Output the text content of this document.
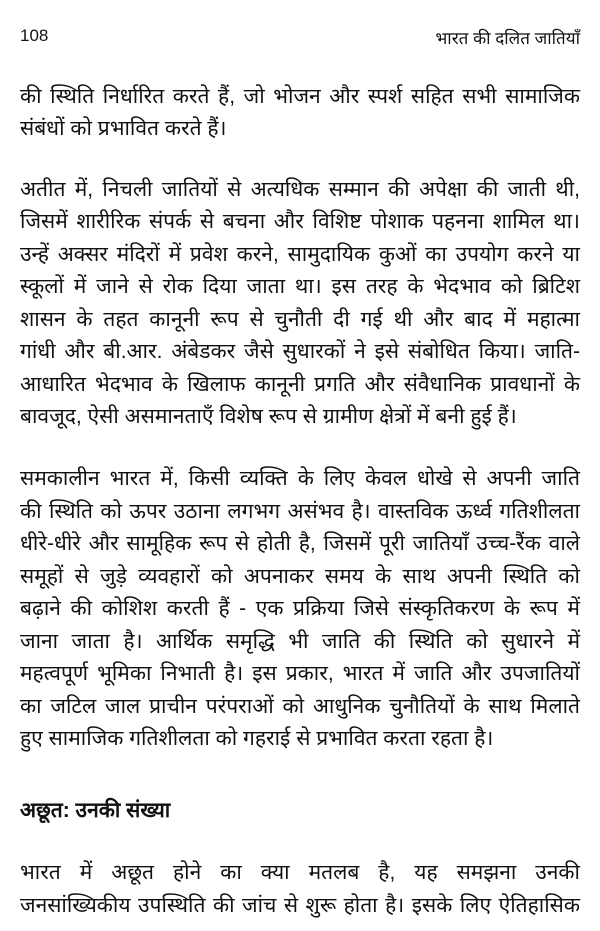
108	भारत की दलित जातियाँ
की स्थिति निर्धारित करते हैं, जो भोजन और स्पर्श सहित सभी सामाजिक
संबंधों को प्रभावित करते हैं।
अतीत में, निचली जातियों से अत्यधिक सम्मान की अपेक्षा की जाती थी,
जिसमें शारीरिक संपर्क से बचना और विशिष्ट पोशाक पहनना शामिल था।
उन्हें अक्सर मंदिरों में प्रवेश करने, सामुदायिक कुओं का उपयोग करने या
स्कूलों में जाने से रोक दिया जाता था। इस तरह के भेदभाव को ब्रिटिश
शासन के तहत कानूनी रूप से चुनौती दी गई थी और बाद में महात्मा
गांधी और बी.आर. अंबेडकर जैसे सुधारकों ने इसे संबोधित किया। जाति-
आधारित भेदभाव के खिलाफ कानूनी प्रगति और संवैधानिक प्रावधानों के
बावजूद, ऐसी असमानताएँ विशेष रूप से ग्रामीण क्षेत्रों में बनी हुई हैं।
समकालीन भारत में, किसी व्यक्ति के लिए केवल धोखे से अपनी जाति
की स्थिति को ऊपर उठाना लगभग असंभव है। वास्तविक ऊर्ध्व गतिशीलता
धीरे-धीरे और सामूहिक रूप से होती है, जिसमें पूरी जातियाँ उच्च-रैंक वाले
समूहों से जुड़े व्यवहारों को अपनाकर समय के साथ अपनी स्थिति को
बढ़ाने की कोशिश करती हैं - एक प्रक्रिया जिसे संस्कृतिकरण के रूप में
जाना जाता है। आर्थिक समृद्धि भी जाति की स्थिति को सुधारने में
महत्वपूर्ण भूमिका निभाती है। इस प्रकार, भारत में जाति और उपजातियों
का जटिल जाल प्राचीन परंपराओं को आधुनिक चुनौतियों के साथ मिलाते
हुए सामाजिक गतिशीलता को गहराई से प्रभावित करता रहता है।
अछूत: उनकी संख्या
भारत में अछूत होने का क्या मतलब है, यह समझना उनकी
जनसांख्यिकीय उपस्थिति की जांच से शुरू होता है। इसके लिए ऐतिहासिक
